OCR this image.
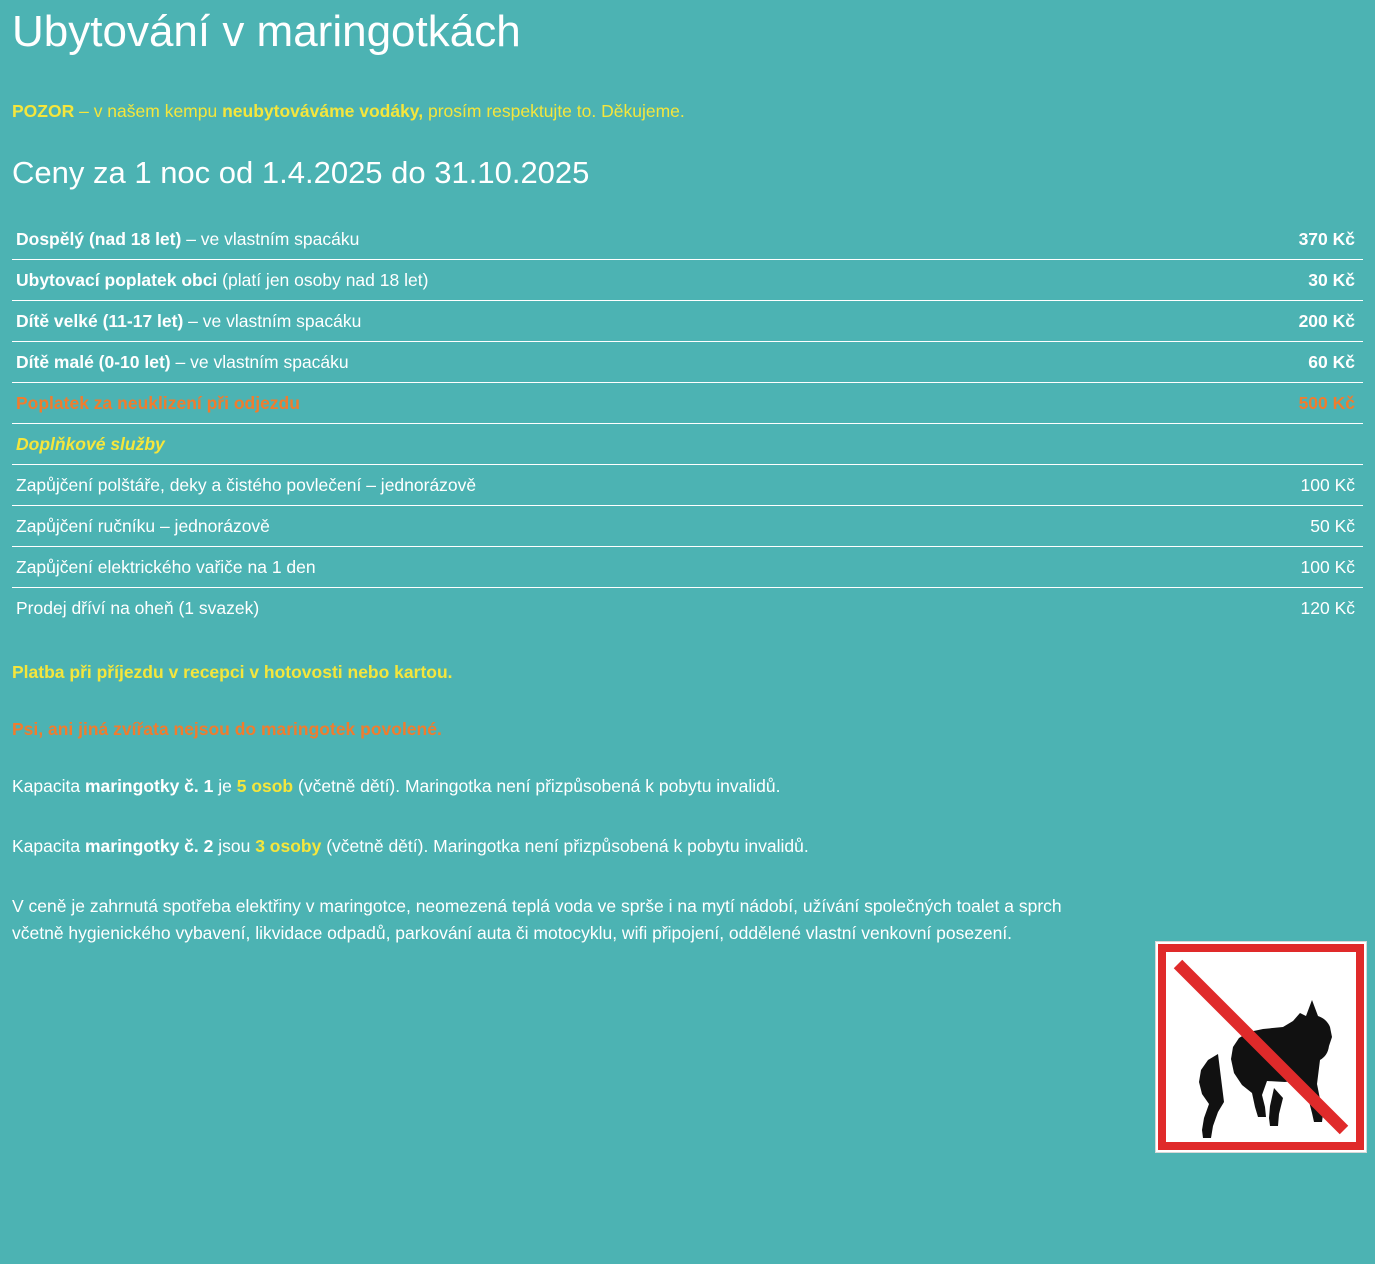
Ubytování v maringotkách

POZOR – v našem kempu neubytováváme vodáky, prosím respektujte to. Děkujeme.

Ceny za 1 noc od 1.4.2025 do 31.10.2025
Dospělý (nad 18 let) – ve vlastním spacáku	370 Kč
Ubytovací poplatek obci (platí jen osoby nad 18 let)	30 Kč
Dítě velké (11-17 let) – ve vlastním spacáku	200 Kč
Dítě malé (0-10 let) – ve vlastním spacáku	60 Kč
Poplatek za neuklizení při odjezdu	500 Kč
Doplňkové služby	
Zapůjčení polštáře, deky a čistého povlečení – jednorázově	100 Kč
Zapůjčení ručníku – jednorázově	50 Kč
Zapůjčení elektrického vařiče na 1 den	100 Kč
Prodej dříví na oheň (1 svazek)	120 Kč

Platba při příjezdu v recepci v hotovosti nebo kartou.

Psi, ani jiná zvířata nejsou do maringotek povolené.

Kapacita maringotky č. 1 je 5 osob (včetně dětí). Maringotka není přizpůsobená k pobytu invalidů.

Kapacita maringotky č. 2 jsou 3 osoby (včetně dětí). Maringotka není přizpůsobená k pobytu invalidů.

V ceně je zahrnutá spotřeba elektřiny v maringotce, neomezená teplá voda ve sprše i na mytí nádobí, užívání společných toalet a sprch včetně hygienického vybavení, likvidace odpadů, parkování auta či motocyklu, wifi připojení, oddělené vlastní venkovní posezení.
